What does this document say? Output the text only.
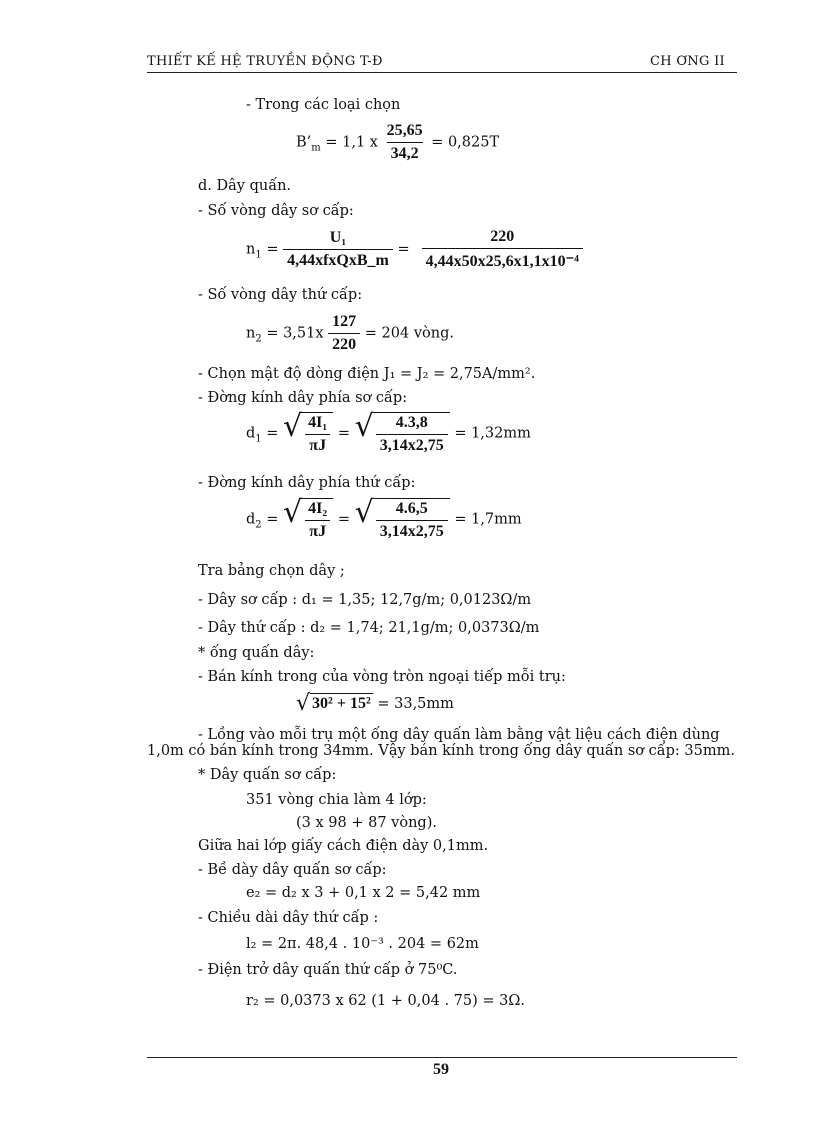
THIẾT KẾ HỆ TRUYỀN ĐỘNG T-Đ	CH ƠNG II
- Trong các loại chọn
$B’_m = 1,1$ x $\frac{25,65}{34,2} = 0,825T$
d. Dây quấn.
- Số vòng dây sơ cấp:
$n_1 = \frac{\text{U₁}}{\text{4,44xfxQxB\_m}} = \frac{220}{\text{4,44x50x25,6x1,1x10⁻⁴}}$
- Số vòng dây thứ cấp:
$n_2 = 3,51x \frac{127}{220} = 204$ vòng.
- Chọn mật độ dòng điện J₁ = J₂ = 2,75A/mm².
- Đờng kính dây phía sơ cấp:
$d_1$ = √ $\frac{\text{4I₁}}{\pi J}$ = √ $\frac{4.3,8}{3,14x2,75} = 1,32mm$
- Đờng kính dây phía thứ cấp:
$d_2$ = √ $\frac{\text{4I₂}}{\pi J}$ = √ $\frac{4.6,5}{3,14x2,75} = 1,7mm$
Tra bảng chọn dây ;
- Dây sơ cấp : d₁ = 1,35; 12,7g/m; 0,0123Ω/m
- Dây thứ cấp : d₂ = 1,74; 21,1g/m; 0,0373Ω/m
* ống quấn dây:
- Bán kính trong của vòng tròn ngoại tiếp mỗi trụ:
√ 30² + 15² = 33,5mm
- Lồng vào mỗi trụ một ống dây quấn làm bằng vật liệu cách điện dùng
1,0m có bán kính trong 34mm. Vậy bán kính trong ống dây quấn sơ cấp: 35mm.
* Dây quấn sơ cấp:
351 vòng chia làm 4 lớp:
(3 x 98 + 87 vòng).
Giữa hai lớp giấy cách điện dày 0,1mm.
- Bề dày dây quấn sơ cấp:
e₂ = d₂ x 3 + 0,1 x 2 = 5,42 mm
- Chiều dài dây thứ cấp :
l₂ = 2π. 48,4 . 10⁻³ . 204 = 62m
- Điện trở dây quấn thứ cấp ở 75⁰C.
r₂ = 0,0373 x 62 (1 + 0,04 . 75) = 3Ω.
59
